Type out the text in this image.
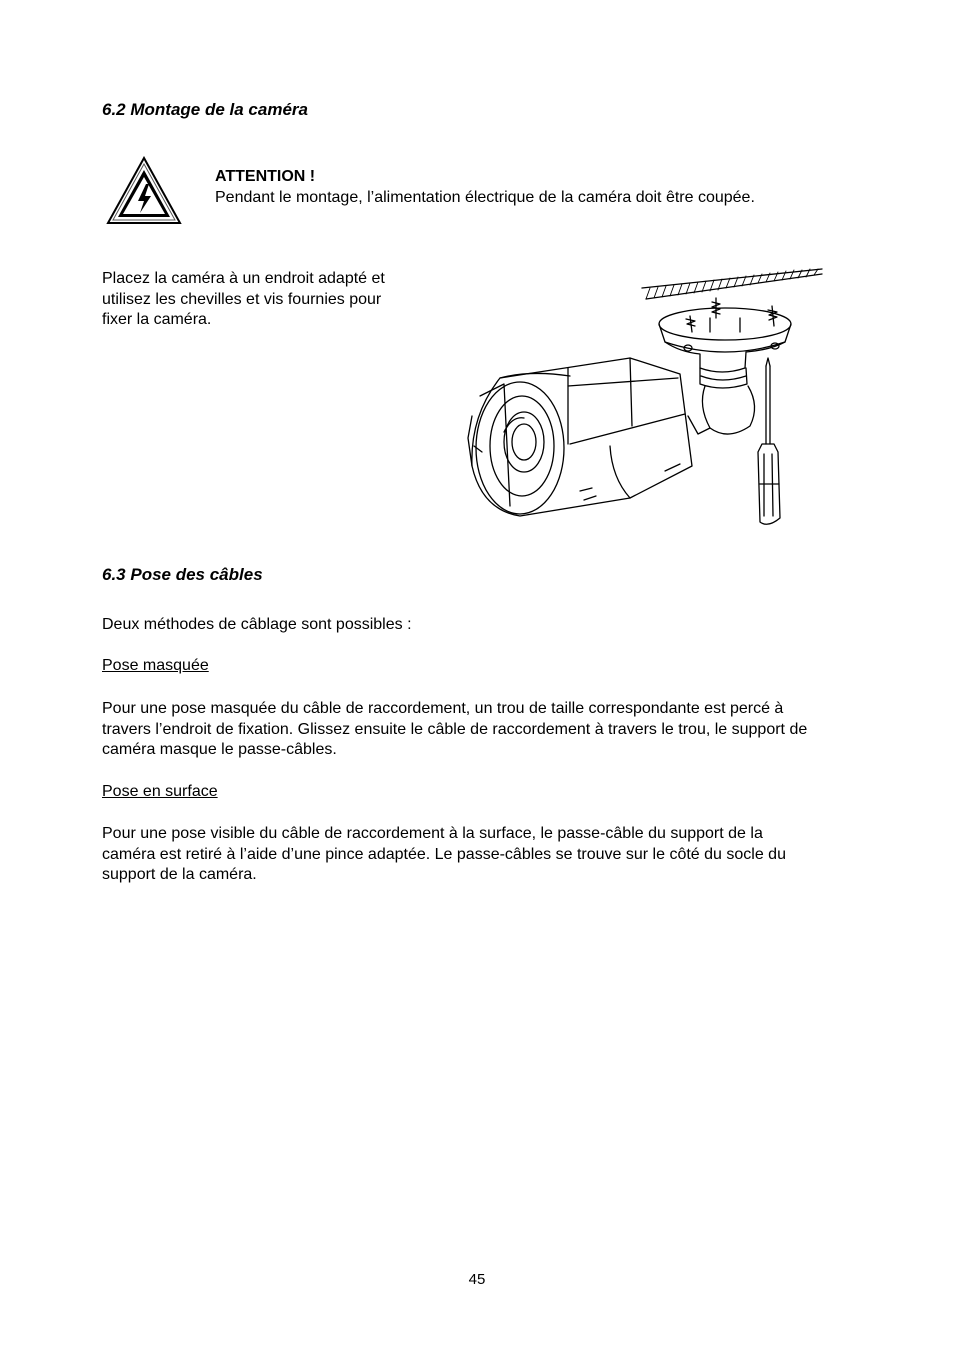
6.2 Montage de la caméra

ATTENTION !

Pendant le montage, l’alimentation électrique de la caméra doit être coupée.

Placez la caméra à un endroit adapté et

utilisez les chevilles et vis fournies pour

fixer la caméra.

6.3 Pose des câbles

Deux méthodes de câblage sont possibles :

Pose masquée

Pour une pose masquée du câble de raccordement, un trou de taille correspondante est percé à

travers l’endroit de fixation. Glissez ensuite le câble de raccordement à travers le trou, le support de

caméra masque le passe-câbles.

Pose en surface

Pour une pose visible du câble de raccordement à la surface, le passe-câble du support de la

caméra est retiré à l’aide d’une pince adaptée. Le passe-câbles se trouve sur le côté du socle du

support de la caméra.

45
